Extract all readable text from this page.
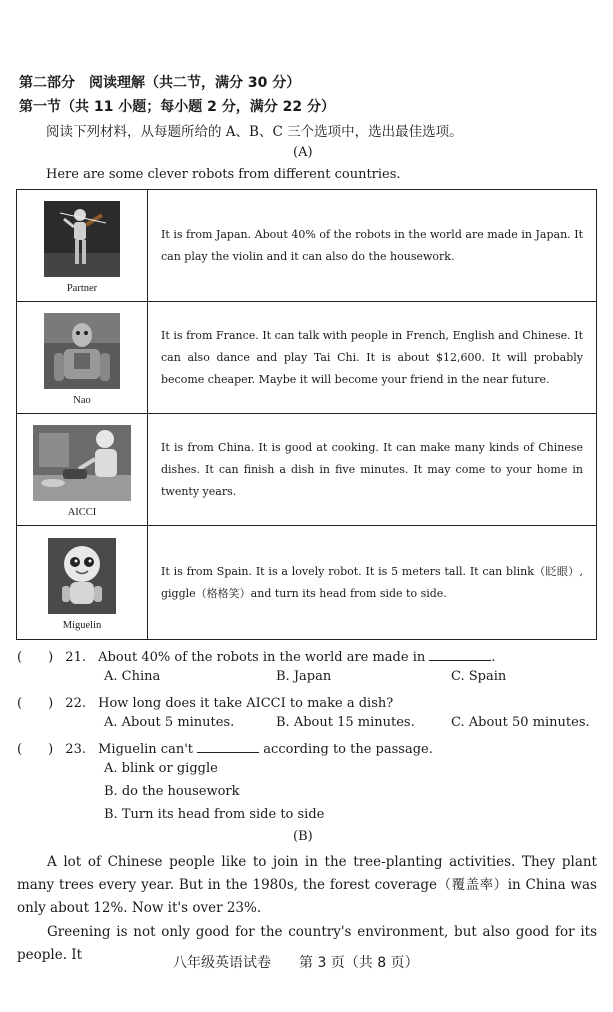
第二部分　阅读理解（共二节，满分 30 分）
第一节（共 11 小题；每小题 2 分，满分 22 分）
阅读下列材料，从每题所给的 A、B、C 三个选项中，选出最佳选项。
(A)
Here are some clever robots from different countries.
Partner	It is from Japan. About 40% of the robots in the world are made in Japan. It can play the violin and it can also do the housework.

Nao	It is from France. It can talk with people in French, English and Chinese. It can also dance and play Tai Chi. It is about $12,600. It will probably become cheaper. Maybe it will become your friend in the near future.

AICCI	It is from China. It is good at cooking. It can make many kinds of Chinese dishes. It can finish a dish in five minutes. It may come to your home in twenty years.

Miguelin	It is from Spain. It is a lovely robot. It is 5 meters tall. It can blink（眨眼）, giggle（格格笑）and turn its head from side to side.
(　　) 21. About 40% of the robots in the world are made in	.
A. China	B. Japan	C. Spain
(　　) 22. How long does it take AICCI to make a dish?
A. About 5 minutes.	B. About 15 minutes.	C. About 50 minutes.
(　　) 23. Miguelin can't	according to the passage.
A. blink or giggle
B. do the housework
B. Turn its head from side to side
(B)
A lot of Chinese people like to join in the tree-planting activities. They plant many trees every year. But in the 1980s, the forest coverage（覆盖率）in China was only about 12%. Now it's over 23%.
Greening is not only good for the country's environment, but also good for its people. It	八年级英语试卷　　第 3 页（共 8 页）
